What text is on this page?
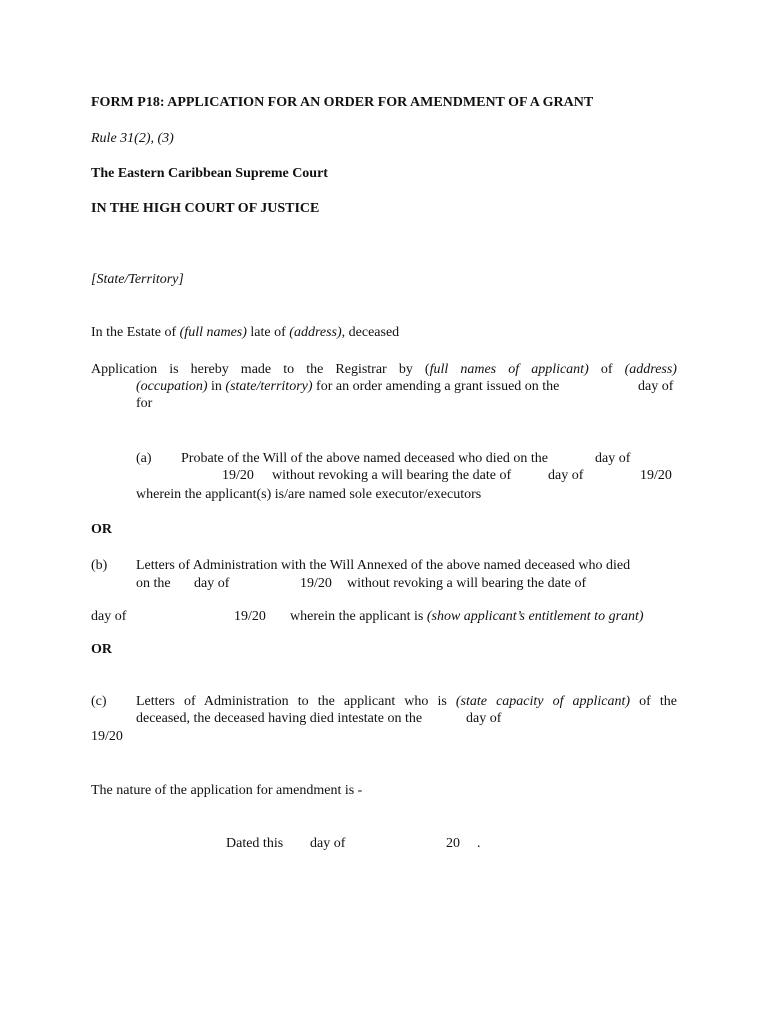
FORM P18: APPLICATION FOR AN ORDER FOR AMENDMENT OF A GRANT
Rule 31(2), (3)
The Eastern Caribbean Supreme Court
IN THE HIGH COURT OF JUSTICE
[State/Territory]
In the Estate of (full names) late of (address), deceased
Application is hereby made to the Registrar by (full names of applicant) of (address)
(occupation) in (state/territory) for an order amending a grant issued on the	day of
for
(a) Probate of the Will of the above named deceased who died on the	day of
19/20 without revoking a will bearing the date of	day of	19/20
wherein the applicant(s) is/are named sole executor/executors
OR
(b) Letters of Administration with the Will Annexed of the above named deceased who died
on the day of	19/20 without revoking a will bearing the date of
day of	19/20 wherein the applicant is (show applicant’s entitlement to grant)
OR
(c) Letters of Administration to the applicant who is (state capacity of applicant) of the
deceased, the deceased having died intestate on the	day of
19/20
The nature of the application for amendment is -
Dated this day of	20 .
